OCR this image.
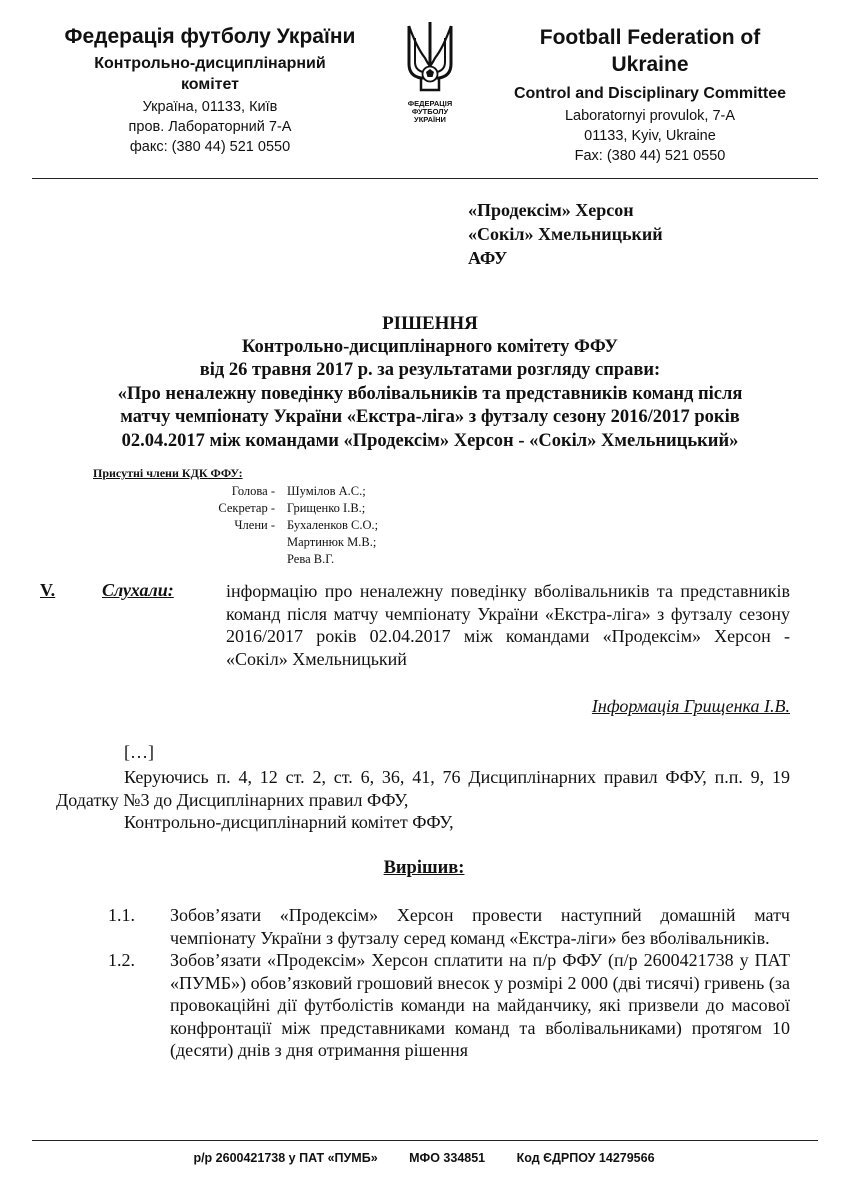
Федерація футболу України
Контрольно-дисциплінарний
комітет
Україна, 01133, Київ
пров. Лабораторний 7-А
факс: (380 44) 521 0550
ФЕДЕРАЦІЯ
ФУТБОЛУ
УКРАЇНИ
Football Federation of
Ukraine
Control and Disciplinary Committee
Laboratornyi provulok, 7-A
01133, Kyiv, Ukraine
Fax: (380 44) 521 0550
«Продексім» Херсон
«Сокіл» Хмельницький
АФУ
РІШЕННЯ
Контрольно-дисциплінарного комітету ФФУ
від 26 травня 2017 р. за результатами розгляду справи:
«Про неналежну поведінку вболівальників та представників команд після
матчу чемпіонату України «Екстра-ліга» з футзалу сезону 2016/2017 років
02.04.2017 між командами «Продексім» Херсон - «Сокіл» Хмельницький»
Присутні члени КДК ФФУ:
Голова - Шумілов А.С.;
Секретар - Грищенко І.В.;
Члени - Бухаленков С.О.;
Мартинюк М.В.;
Рева В.Г.
V.	Слухали:	інформацію про неналежну поведінку вболівальників та представників команд після матчу чемпіонату України «Екстра-ліга» з футзалу сезону 2016/2017 років 02.04.2017 між командами «Продексім» Херсон - «Сокіл» Хмельницький
Інформація Грищенка І.В.
[…]
Керуючись п. 4, 12 ст. 2, ст. 6, 36, 41, 76 Дисциплінарних правил ФФУ, п.п. 9, 19 Додатку №3 до Дисциплінарних правил ФФУ,
Контрольно-дисциплінарний комітет ФФУ,
Вирішив:
1.1.	Зобов’язати «Продексім» Херсон провести наступний домашній матч чемпіонату України з футзалу серед команд «Екстра-ліги» без вболівальників.
1.2.	Зобов’язати «Продексім» Херсон сплатити на п/р ФФУ (п/р 2600421738 у ПАТ «ПУМБ») обов’язковий грошовий внесок у розмірі 2 000 (дві тисячі) гривень (за провокаційні дії футболістів команди на майданчику, які призвели до масової конфронтації між представниками команд та вболівальниками) протягом 10 (десяти) днів з дня отримання рішення
р/р 2600421738 у ПАТ «ПУМБ»	МФО 334851	Код ЄДРПОУ 14279566
